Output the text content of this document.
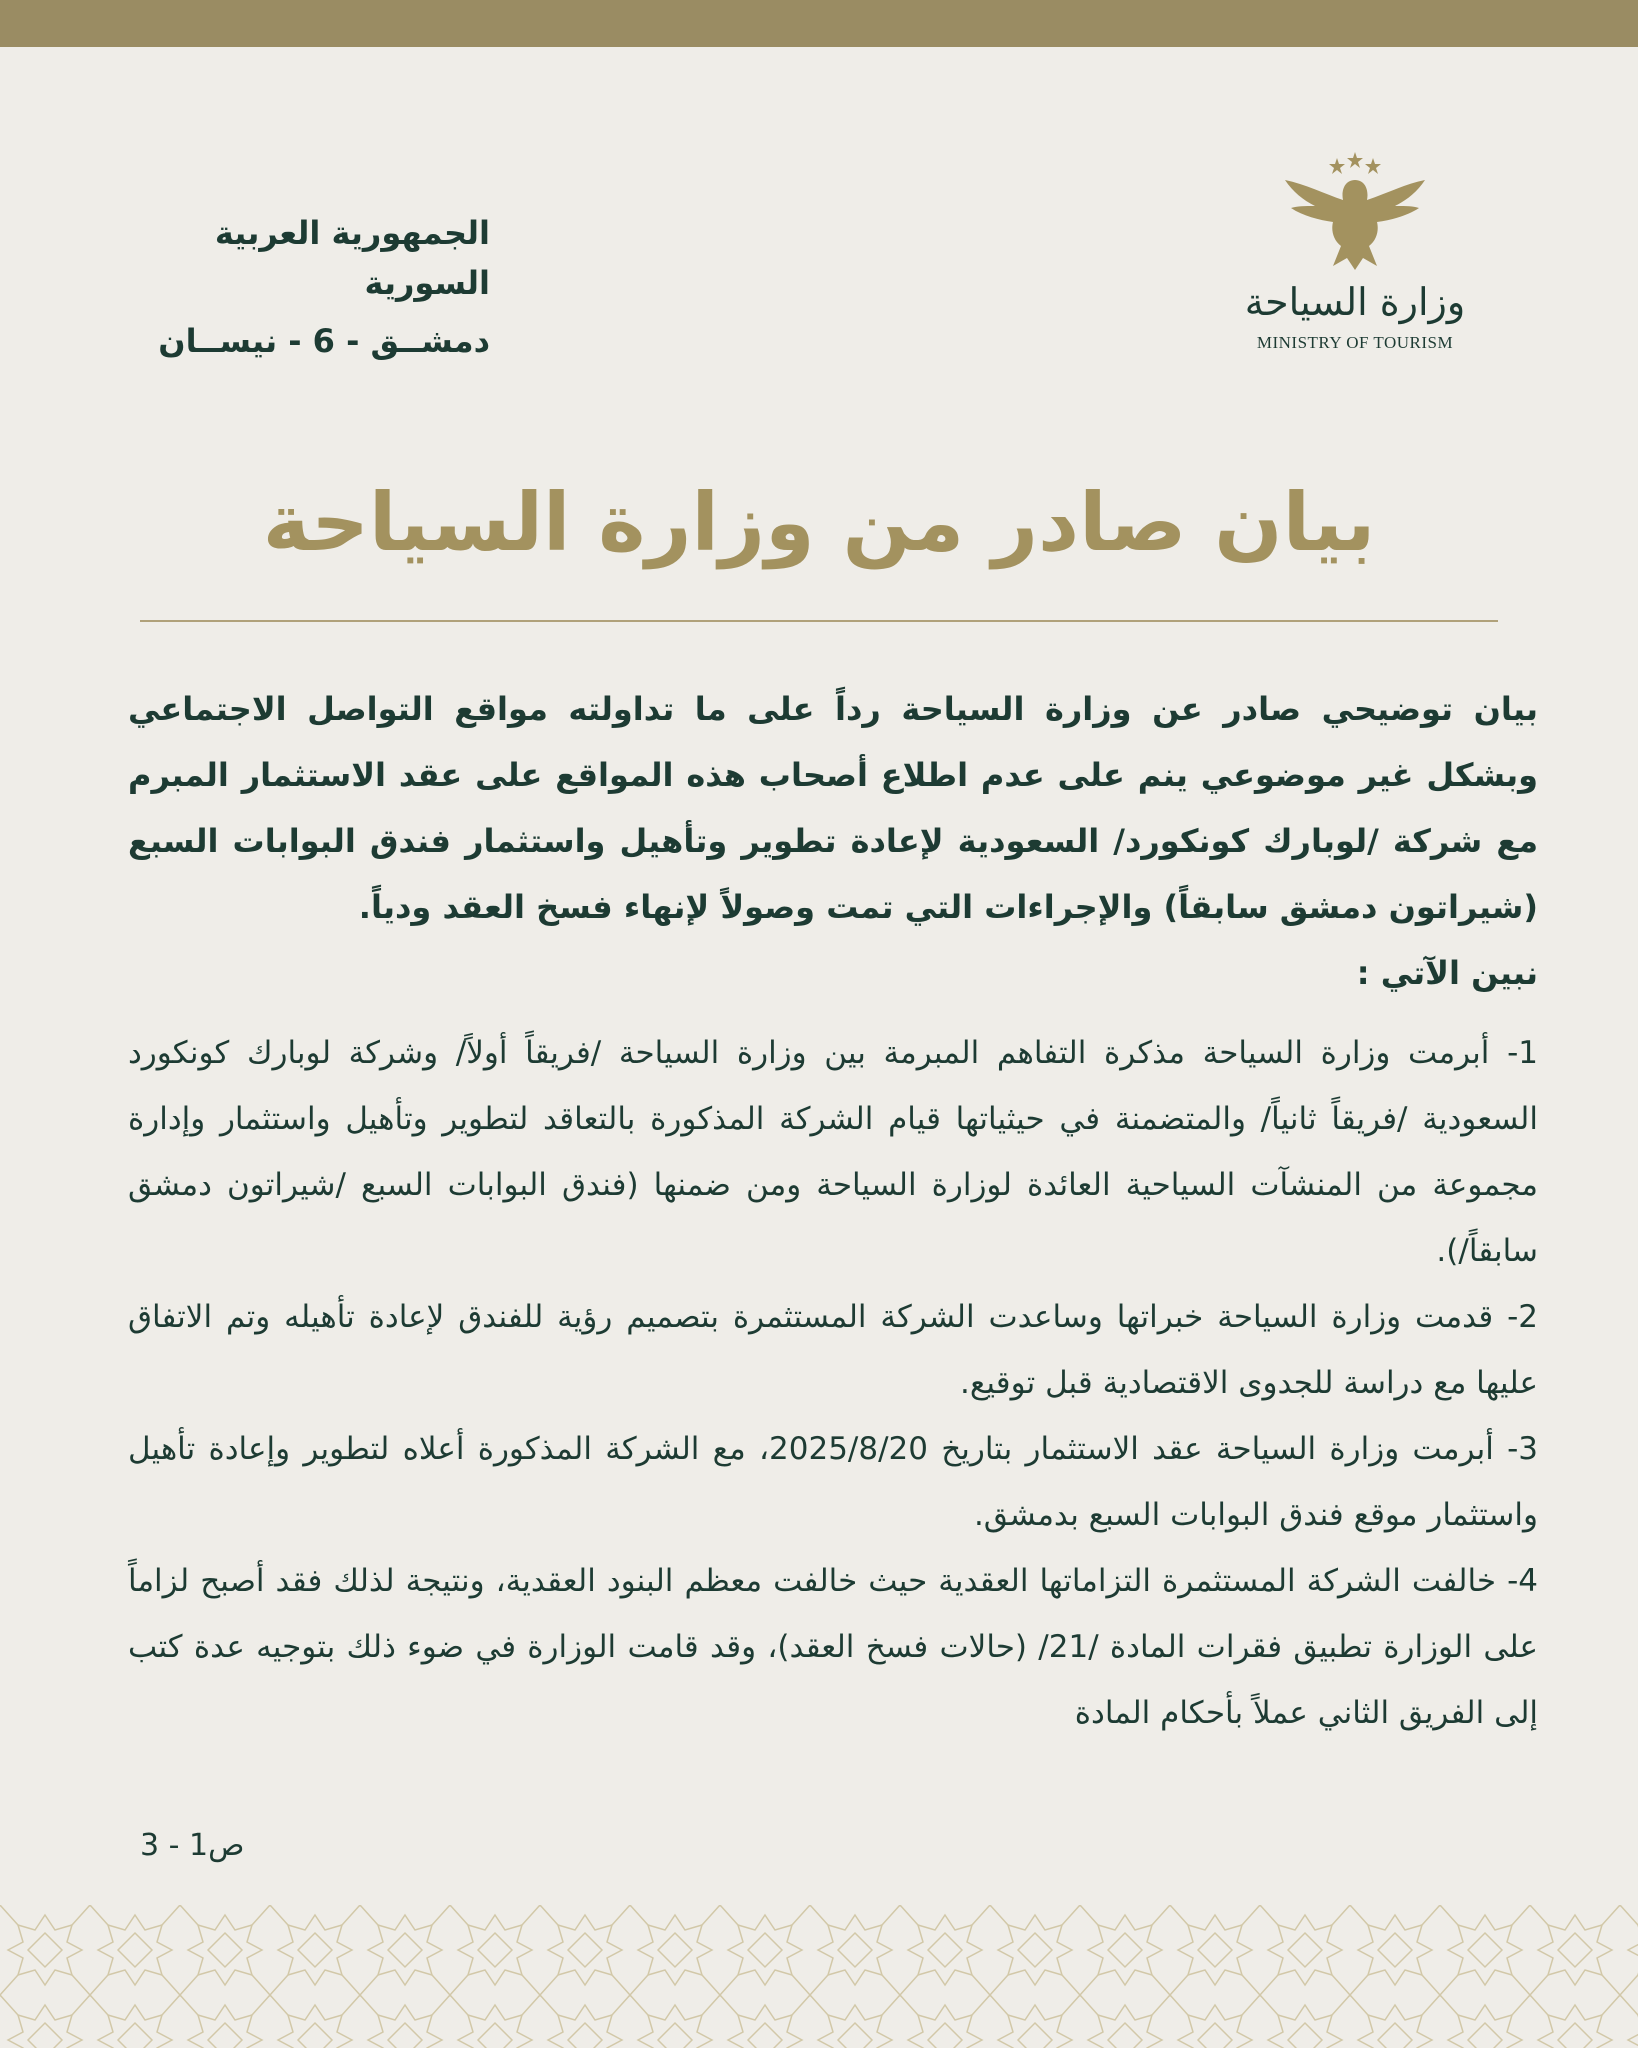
الجمهورية العربية السورية
دمشــق - 6 - نيســان
وزارة السياحة
MINISTRY OF TOURISM
بيان صادر من وزارة السياحة

بيان توضيحي صادر عن وزارة السياحة رداً على ما تداولته مواقع التواصل الاجتماعي وبشكل غير موضوعي ينم على عدم اطلاع أصحاب هذه المواقع على عقد الاستثمار المبرم مع شركة /لوبارك كونكورد/ السعودية لإعادة تطوير وتأهيل واستثمار فندق البوابات السبع (شيراتون دمشق سابقاً) والإجراءات التي تمت وصولاً لإنهاء فسخ العقد ودياً.

نبين الآتي :

1- أبرمت وزارة السياحة مذكرة التفاهم المبرمة بين وزارة السياحة /فريقاً أولاً/ وشركة لوبارك كونكورد السعودية /فريقاً ثانياً/ والمتضمنة في حيثياتها قيام الشركة المذكورة بالتعاقد لتطوير وتأهيل واستثمار وإدارة مجموعة من المنشآت السياحية العائدة لوزارة السياحة ومن ضمنها (فندق البوابات السبع /شيراتون دمشق سابقاً/).

2- قدمت وزارة السياحة خبراتها وساعدت الشركة المستثمرة بتصميم رؤية للفندق لإعادة تأهيله وتم الاتفاق عليها مع دراسة للجدوى الاقتصادية قبل توقيع.

3- أبرمت وزارة السياحة عقد الاستثمار بتاريخ 2025/8/20، مع الشركة المذكورة أعلاه لتطوير وإعادة تأهيل واستثمار موقع فندق البوابات السبع بدمشق.

4- خالفت الشركة المستثمرة التزاماتها العقدية حيث خالفت معظم البنود العقدية، ونتيجة لذلك فقد أصبح لزاماً على الوزارة تطبيق فقرات المادة /21/ (حالات فسخ العقد)، وقد قامت الوزارة في ضوء ذلك بتوجيه عدة كتب إلى الفريق الثاني عملاً بأحكام المادة

ص1 - 3
